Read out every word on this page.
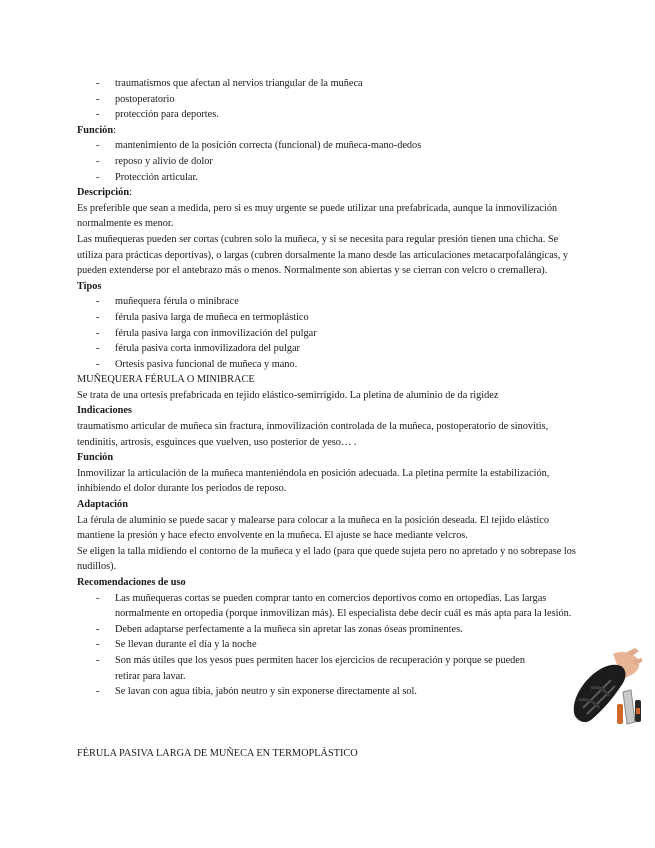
- traumatismos que afectan al nervios triangular de la muñeca
- postoperatorio
- protección para deportes.
Función:
- mantenimiento de la posición correcta (funcional) de muñeca-mano-dedos
- reposo y alivio de dolor
- Protección articular.
Descripción:
Es preferible que sean a medida, pero si es muy urgente se puede utilizar una prefabricada, aunque la inmovilización normalmente es menor.
Las muñequeras pueden ser cortas (cubren solo la muñeca, y si se necesita para regular presión tienen una chicha. Se utiliza para prácticas deportivas), o largas (cubren dorsalmente la mano desde las articulaciones metacarpofalángicas, y pueden extenderse por el antebrazo más o menos. Normalmente son abiertas y se cierran con velcro o cremallera).
Tipos
- muñequera férula o minibrace
- férula pasiva larga de muñeca en termoplástico
- férula pasiva larga con inmovilización del pulgar
- férula pasiva corta inmovilizadora del pulgar
- Ortesis pasiva funcional de muñeca y mano.
MUÑEQUERA FÉRULA O MINIBRACE
Se trata de una ortesis prefabricada en tejido elástico-semirrígido. La pletina de aluminio de da rigidez
Indicaciones
traumatismo articular de muñeca sin fractura, inmovilización controlada de la muñeca, postoperatorio de sinovitis, tendinitis, artrosis, esguinces que vuelven, uso posterior de yeso… .
Función
Inmovilizar la articulación de la muñeca manteniéndola en posición adecuada. La pletina permite la estabilización, inhibiendo el dolor durante los periodos de reposo.
Adaptación
La férula de aluminio se puede sacar y malearse para colocar a la muñeca en la posición deseada. El tejido elástico mantiene la presión y hace efecto envolvente en la muñeca. El ajuste se hace mediante velcros.
Se eligen la talla midiendo el contorno de la muñeca y el lado (para que quede sujeta pero no apretado y no sobrepase los nudillos).
Recomendaciones de uso
- Las muñequeras cortas se pueden comprar tanto en comercios deportivos como en ortopedias. Las largas normalmente en ortopedia (porque inmovilizan más). El especialista debe decir cuál es más apta para la lesión.
- Deben adaptarse perfectamente a la muñeca sin apretar las zonas óseas prominentes.
- Se llevan durante el día y la noche
- Son más útiles que los yesos pues permiten hacer los ejercicios de recuperación y porque se pueden retirar para lavar.
- Se lavan con agua tibia, jabón neutro y sin exponerse directamente al sol.
FÉRULA PASIVA LARGA DE MUÑECA EN TERMOPLÁSTICO
